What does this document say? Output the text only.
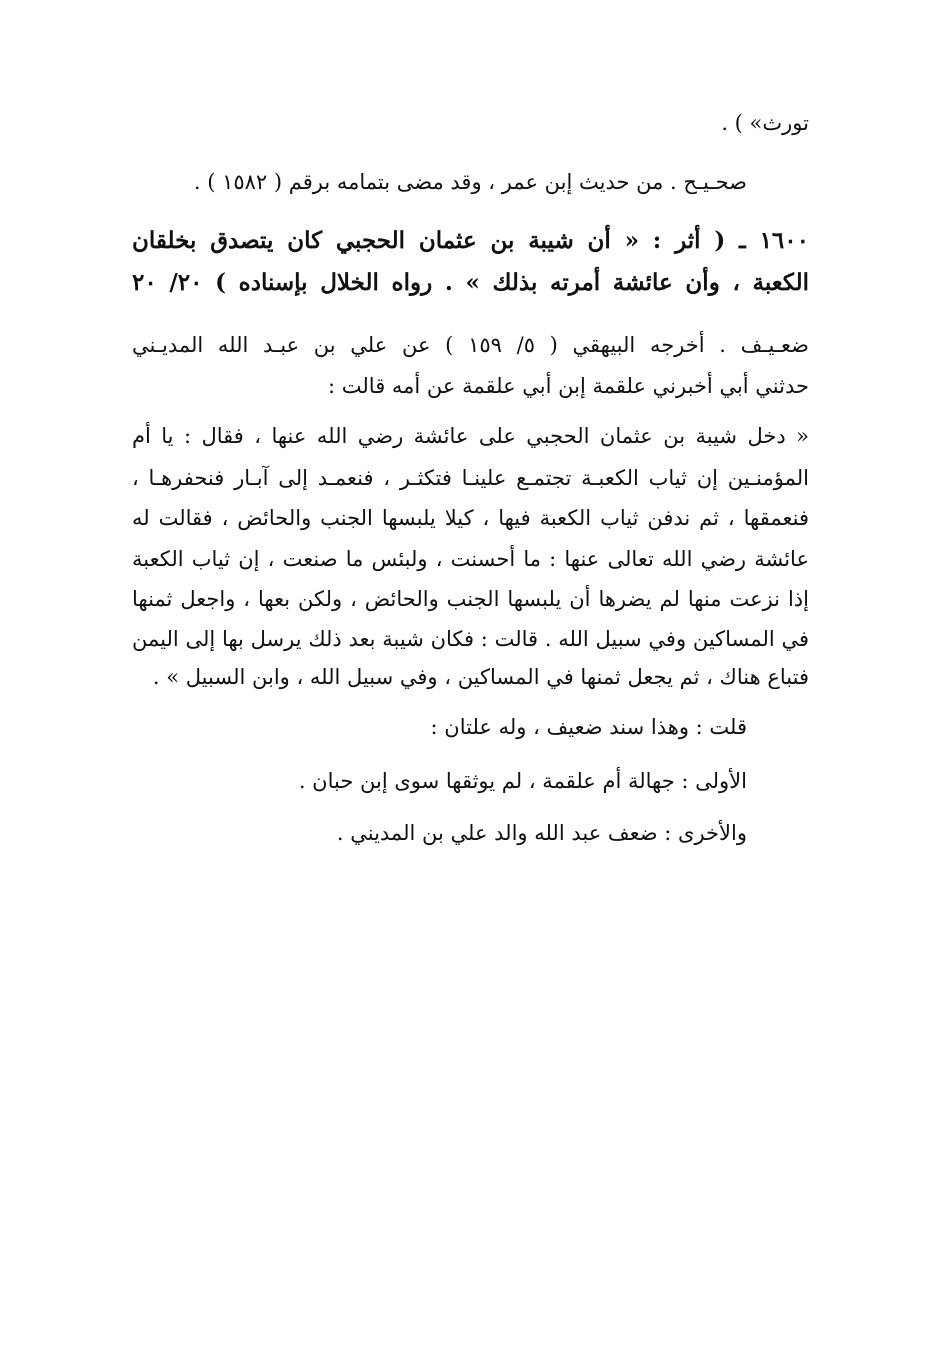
تورث» ) .
صحـيـح . من حديث إبن عمر ، وقد مضى بتمامه برقم ( ١٥٨٢ ) .
١٦٠٠ ـ ( أثر : « أن شيبة بن عثمان الحجبي كان يتصدق بخلقان
الكعبة ، وأن عائشة أمرته بذلك » . رواه الخلال بإسناده ) ٢٠/ ٢٠
ضعـيـف . أخرجه البيهقي ( ٥/ ١٥٩ ) عن علي بن عبـد الله المديـني
حدثني أبي أخبرني علقمة إبن أبي علقمة عن أمه قالت :
« دخل شيبة بن عثمان الحجبي على عائشة رضي الله عنها ، فقال : يا أم
المؤمنـين إن ثياب الكعبـة تجتمـع علينـا فتكثـر ، فنعمـد إلى آبـار فنحفرهـا ،
فنعمقها ، ثم ندفن ثياب الكعبة فيها ، كيلا يلبسها الجنب والحائض ، فقالت له
عائشة رضي الله تعالى عنها : ما أحسنت ، ولبئس ما صنعت ، إن ثياب الكعبة
إذا نزعت منها لم يضرها أن يلبسها الجنب والحائض ، ولكن بعها ، واجعل ثمنها
في المساكين وفي سبيل الله . قالت : فكان شيبة بعد ذلك يرسل بها إلى اليمن
فتباع هناك ، ثم يجعل ثمنها في المساكين ، وفي سبيل الله ، وابن السبيل » .
قلت : وهذا سند ضعيف ، وله علتان :
الأولى : جهالة أم علقمة ، لم يوثقها سوى إبن حبان .
والأخرى : ضعف عبد الله والد علي بن المديني .
